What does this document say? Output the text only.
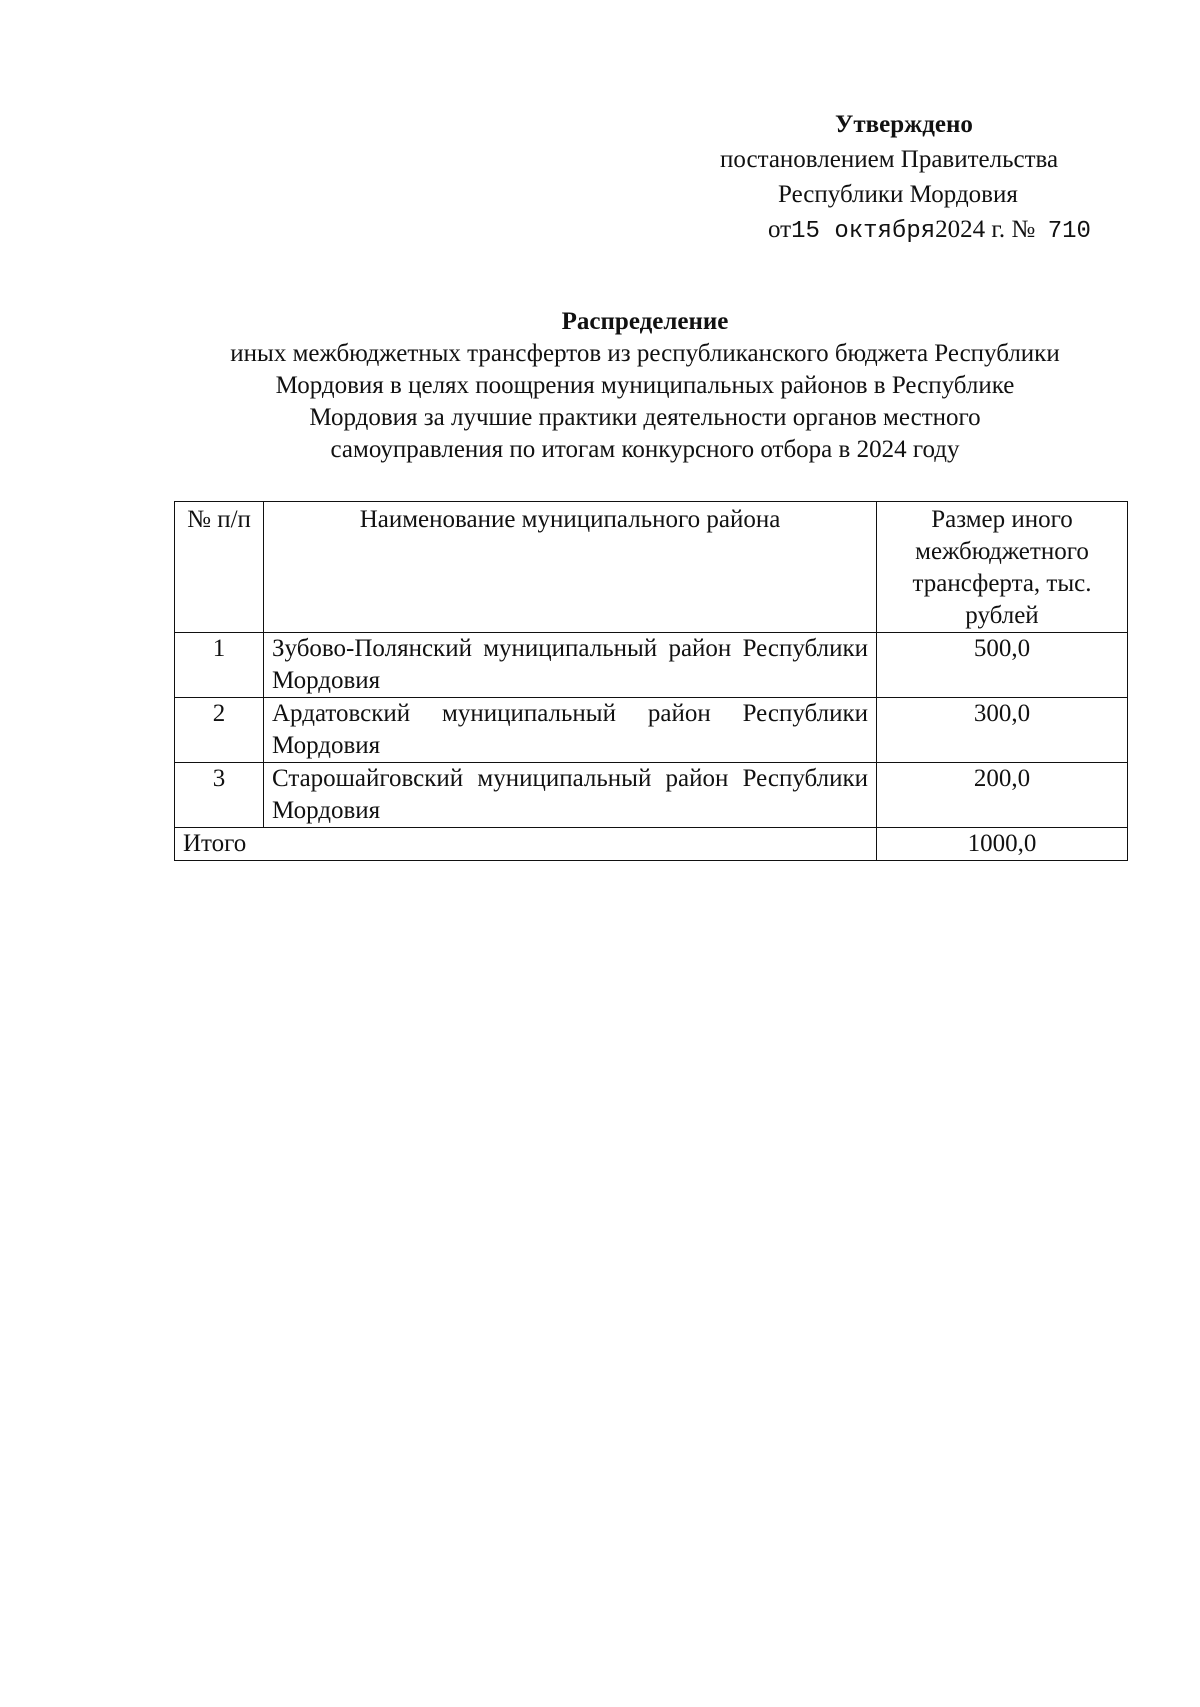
Утверждено
постановлением Правительства
Республики Мордовия
от15 октября2024 г. № 710
Распределение
иных межбюджетных трансфертов из республиканского бюджета Республики
Мордовия в целях поощрения муниципальных районов в Республике
Мордовия за лучшие практики деятельности органов местного
самоуправления по итогам конкурсного отбора в 2024 году
№ п/п	Наименование муниципального района	Размер иного межбюджетного трансферта, тыс. рублей
1	Зубово-Полянский муниципальный район Республики Мордовия	500,0
2	Ардатовский муниципальный район Республики Мордовия	300,0
3	Старошайговский муниципальный район Республики Мордовия	200,0
Итого		1000,0
